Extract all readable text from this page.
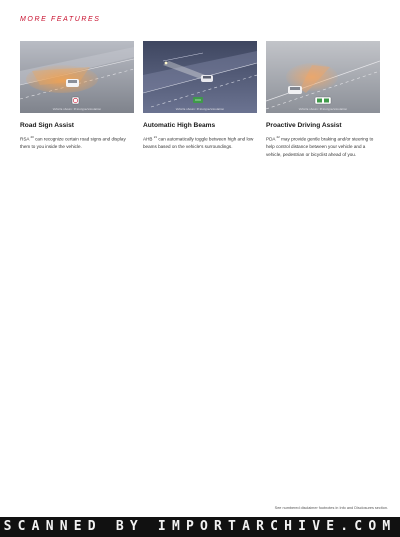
MORE FEATURES
Vehicle shown: Prototype/simulation
Road Sign Assist
RSA $^{20}$ can recognize certain road signs and display them to you inside the vehicle.
Vehicle shown: Prototype/simulation
Automatic High Beams
AHB $^{21}$ can automatically toggle between high and low beams based on the vehicle's surroundings.
Vehicle shown: Prototype/simulation
Proactive Driving Assist
PDA $^{22}$ may provide gentle braking and/or steering to help control distance between your vehicle and a vehicle, pedestrian or bicyclist ahead of you.
See numbered disclaimer footnotes in Info and Disclosures section.
SCANNED BY IMPORTARCHIVE.COM
